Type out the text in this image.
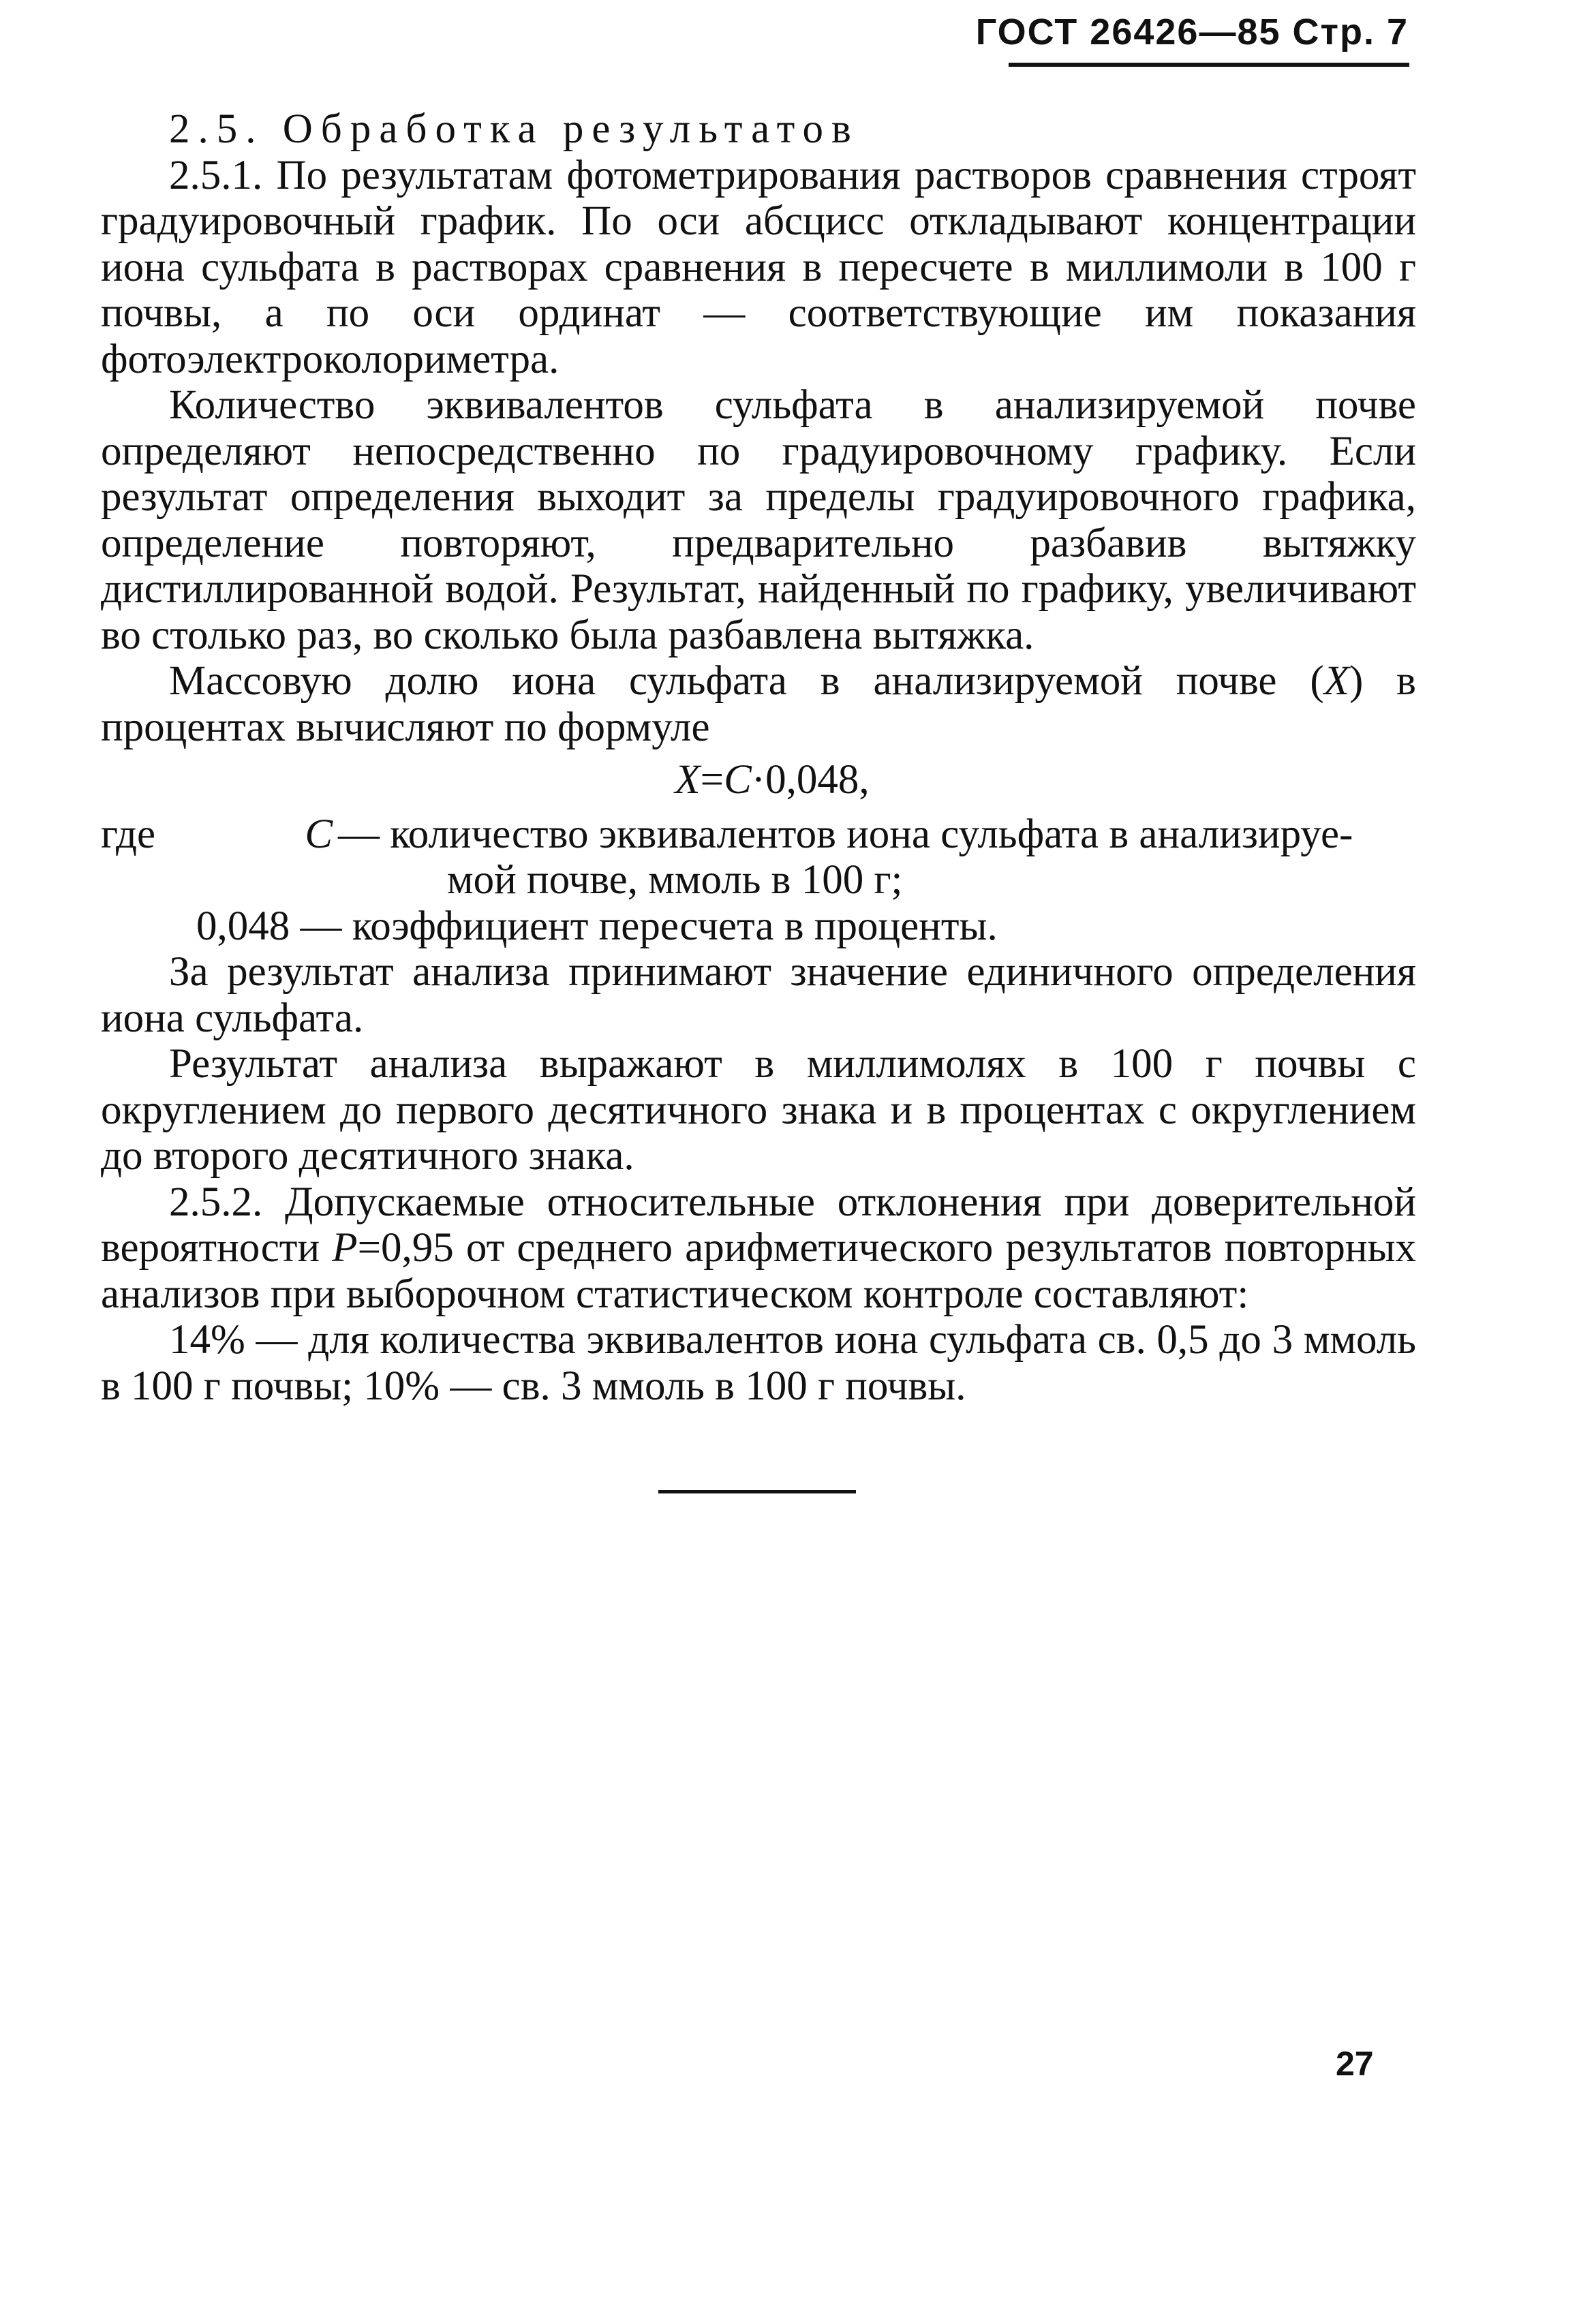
ГОСТ 26426—85 Стр. 7

2.5. Обработка результатов

2.5.1. По результатам фотометрирования растворов сравнения строят градуировочный график. По оси абсцисс откладывают концентрации иона сульфата в растворах сравнения в пересчете в миллимоли в 100 г почвы, а по оси ординат — соответствующие им показания фотоэлектроколориметра.

Количество эквивалентов сульфата в анализируемой почве определяют непосредственно по градуировочному графику. Если результат определения выходит за пределы градуировочного графика, определение повторяют, предварительно разбавив вытяжку дистиллированной водой. Результат, найденный по графику, увеличивают во столько раз, во сколько была разбавлена вытяжка.

Массовую долю иона сульфата в анализируемой почве (X) в процентах вычисляют по формуле

X=C·0,048,

где	C — количество эквивалентов иона сульфата в анализируе-
мой почве, ммоль в 100 г;

0,048 — коэффициент пересчета в проценты.

За результат анализа принимают значение единичного определения иона сульфата.

Результат анализа выражают в миллимолях в 100 г почвы с округлением до первого десятичного знака и в процентах с округлением до второго десятичного знака.

2.5.2. Допускаемые относительные отклонения при доверительной вероятности P=0,95 от среднего арифметического результатов повторных анализов при выборочном статистическом контроле составляют:

14% — для количества эквивалентов иона сульфата св. 0,5 до 3 ммоль в 100 г почвы; 10% — св. 3 ммоль в 100 г почвы.

27
